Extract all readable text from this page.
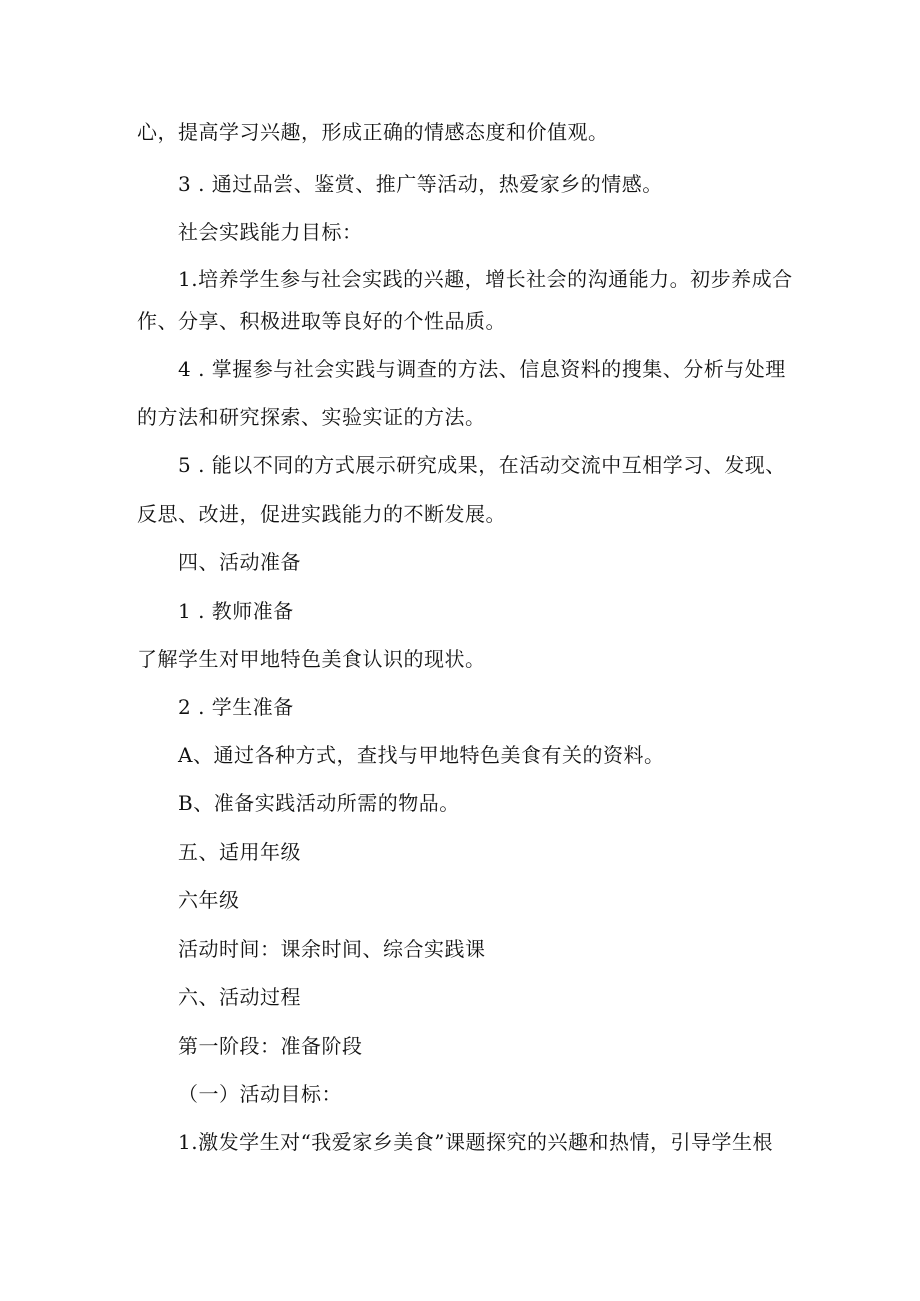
心，提高学习兴趣，形成正确的情感态度和价值观。
3 . 通过品尝、鉴赏、推广等活动，热爱家乡的情感。
社会实践能力目标：
1.培养学生参与社会实践的兴趣，增长社会的沟通能力。初步养成合
作、分享、积极进取等良好的个性品质。
4 . 掌握参与社会实践与调查的方法、信息资料的搜集、分析与处理
的方法和研究探索、实验实证的方法。
5 . 能以不同的方式展示研究成果，在活动交流中互相学习、发现、
反思、改进，促进实践能力的不断发展。
四、活动准备
1 . 教师准备
了解学生对甲地特色美食认识的现状。
2 . 学生准备
A、通过各种方式，查找与甲地特色美食有关的资料。
B、准备实践活动所需的物品。
五、适用年级
六年级
活动时间：课余时间、综合实践课
六、活动过程
第一阶段：准备阶段
（一）活动目标：
1.激发学生对“我爱家乡美食”课题探究的兴趣和热情，引导学生根
